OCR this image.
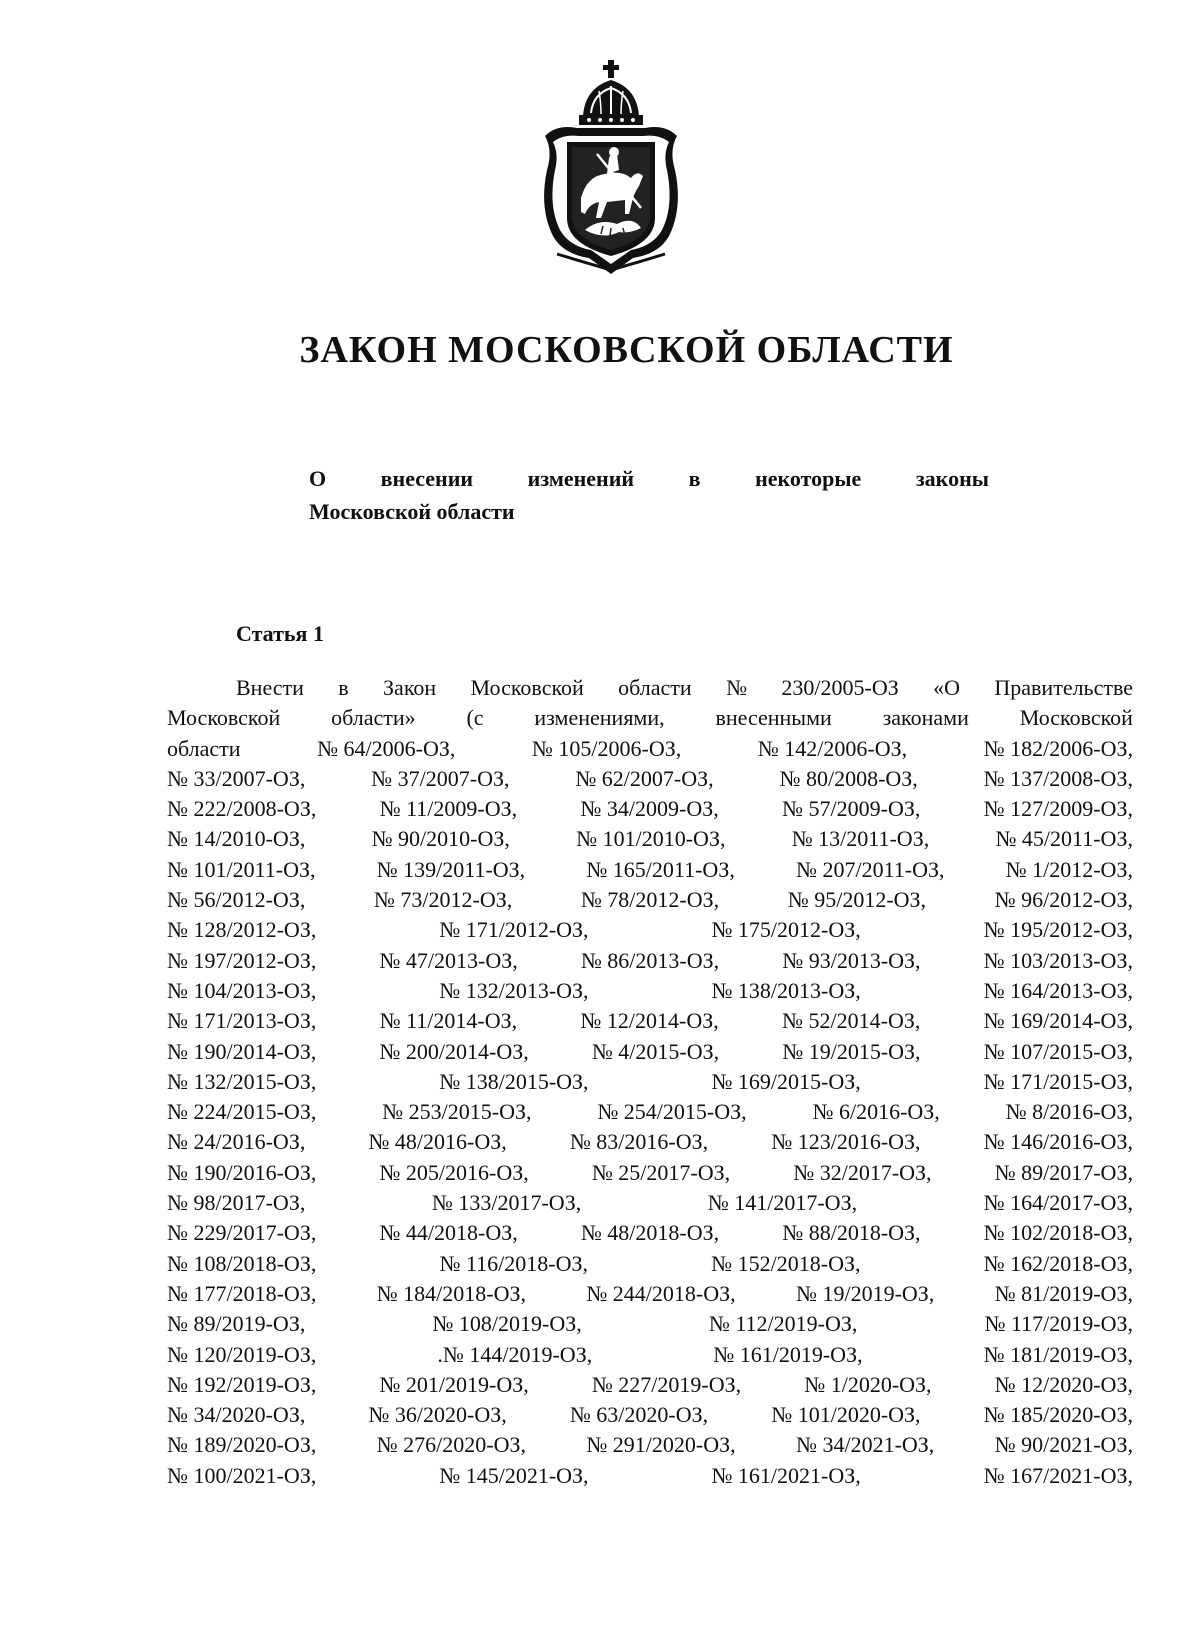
ЗАКОН МОСКОВСКОЙ ОБЛАСТИ
О внесении изменений в некоторые законы
Московской области
Статья 1
Внести в Закон Московской области № 230/2005-ОЗ «О Правительстве
Московской области» (с изменениями, внесенными законами Московской
области	№ 64/2006-ОЗ,	№ 105/2006-ОЗ,	№ 142/2006-ОЗ,	№ 182/2006-ОЗ,
№ 33/2007-ОЗ,	№ 37/2007-ОЗ,	№ 62/2007-ОЗ,	№ 80/2008-ОЗ,	№ 137/2008-ОЗ,
№ 222/2008-ОЗ,	№ 11/2009-ОЗ,	№ 34/2009-ОЗ,	№ 57/2009-ОЗ,	№ 127/2009-ОЗ,
№ 14/2010-ОЗ,	№ 90/2010-ОЗ,	№ 101/2010-ОЗ,	№ 13/2011-ОЗ,	№ 45/2011-ОЗ,
№ 101/2011-ОЗ,	№ 139/2011-ОЗ,	№ 165/2011-ОЗ,	№ 207/2011-ОЗ,	№ 1/2012-ОЗ,
№ 56/2012-ОЗ,	№ 73/2012-ОЗ,	№ 78/2012-ОЗ,	№ 95/2012-ОЗ,	№ 96/2012-ОЗ,
№ 128/2012-ОЗ,	№ 171/2012-ОЗ,	№ 175/2012-ОЗ,	№ 195/2012-ОЗ,
№ 197/2012-ОЗ,	№ 47/2013-ОЗ,	№ 86/2013-ОЗ,	№ 93/2013-ОЗ,	№ 103/2013-ОЗ,
№ 104/2013-ОЗ,	№ 132/2013-ОЗ,	№ 138/2013-ОЗ,	№ 164/2013-ОЗ,
№ 171/2013-ОЗ,	№ 11/2014-ОЗ,	№ 12/2014-ОЗ,	№ 52/2014-ОЗ,	№ 169/2014-ОЗ,
№ 190/2014-ОЗ,	№ 200/2014-ОЗ,	№ 4/2015-ОЗ,	№ 19/2015-ОЗ,	№ 107/2015-ОЗ,
№ 132/2015-ОЗ,	№ 138/2015-ОЗ,	№ 169/2015-ОЗ,	№ 171/2015-ОЗ,
№ 224/2015-ОЗ,	№ 253/2015-ОЗ,	№ 254/2015-ОЗ,	№ 6/2016-ОЗ,	№ 8/2016-ОЗ,
№ 24/2016-ОЗ,	№ 48/2016-ОЗ,	№ 83/2016-ОЗ,	№ 123/2016-ОЗ,	№ 146/2016-ОЗ,
№ 190/2016-ОЗ,	№ 205/2016-ОЗ,	№ 25/2017-ОЗ,	№ 32/2017-ОЗ,	№ 89/2017-ОЗ,
№ 98/2017-ОЗ,	№ 133/2017-ОЗ,	№ 141/2017-ОЗ,	№ 164/2017-ОЗ,
№ 229/2017-ОЗ,	№ 44/2018-ОЗ,	№ 48/2018-ОЗ,	№ 88/2018-ОЗ,	№ 102/2018-ОЗ,
№ 108/2018-ОЗ,	№ 116/2018-ОЗ,	№ 152/2018-ОЗ,	№ 162/2018-ОЗ,
№ 177/2018-ОЗ,	№ 184/2018-ОЗ,	№ 244/2018-ОЗ,	№ 19/2019-ОЗ,	№ 81/2019-ОЗ,
№ 89/2019-ОЗ,	№ 108/2019-ОЗ,	№ 112/2019-ОЗ,	№ 117/2019-ОЗ,
№ 120/2019-ОЗ,	.№ 144/2019-ОЗ,	№ 161/2019-ОЗ,	№ 181/2019-ОЗ,
№ 192/2019-ОЗ,	№ 201/2019-ОЗ,	№ 227/2019-ОЗ,	№ 1/2020-ОЗ,	№ 12/2020-ОЗ,
№ 34/2020-ОЗ,	№ 36/2020-ОЗ,	№ 63/2020-ОЗ,	№ 101/2020-ОЗ,	№ 185/2020-ОЗ,
№ 189/2020-ОЗ,	№ 276/2020-ОЗ,	№ 291/2020-ОЗ,	№ 34/2021-ОЗ,	№ 90/2021-ОЗ,
№ 100/2021-ОЗ,	№ 145/2021-ОЗ,	№ 161/2021-ОЗ,	№ 167/2021-ОЗ,
